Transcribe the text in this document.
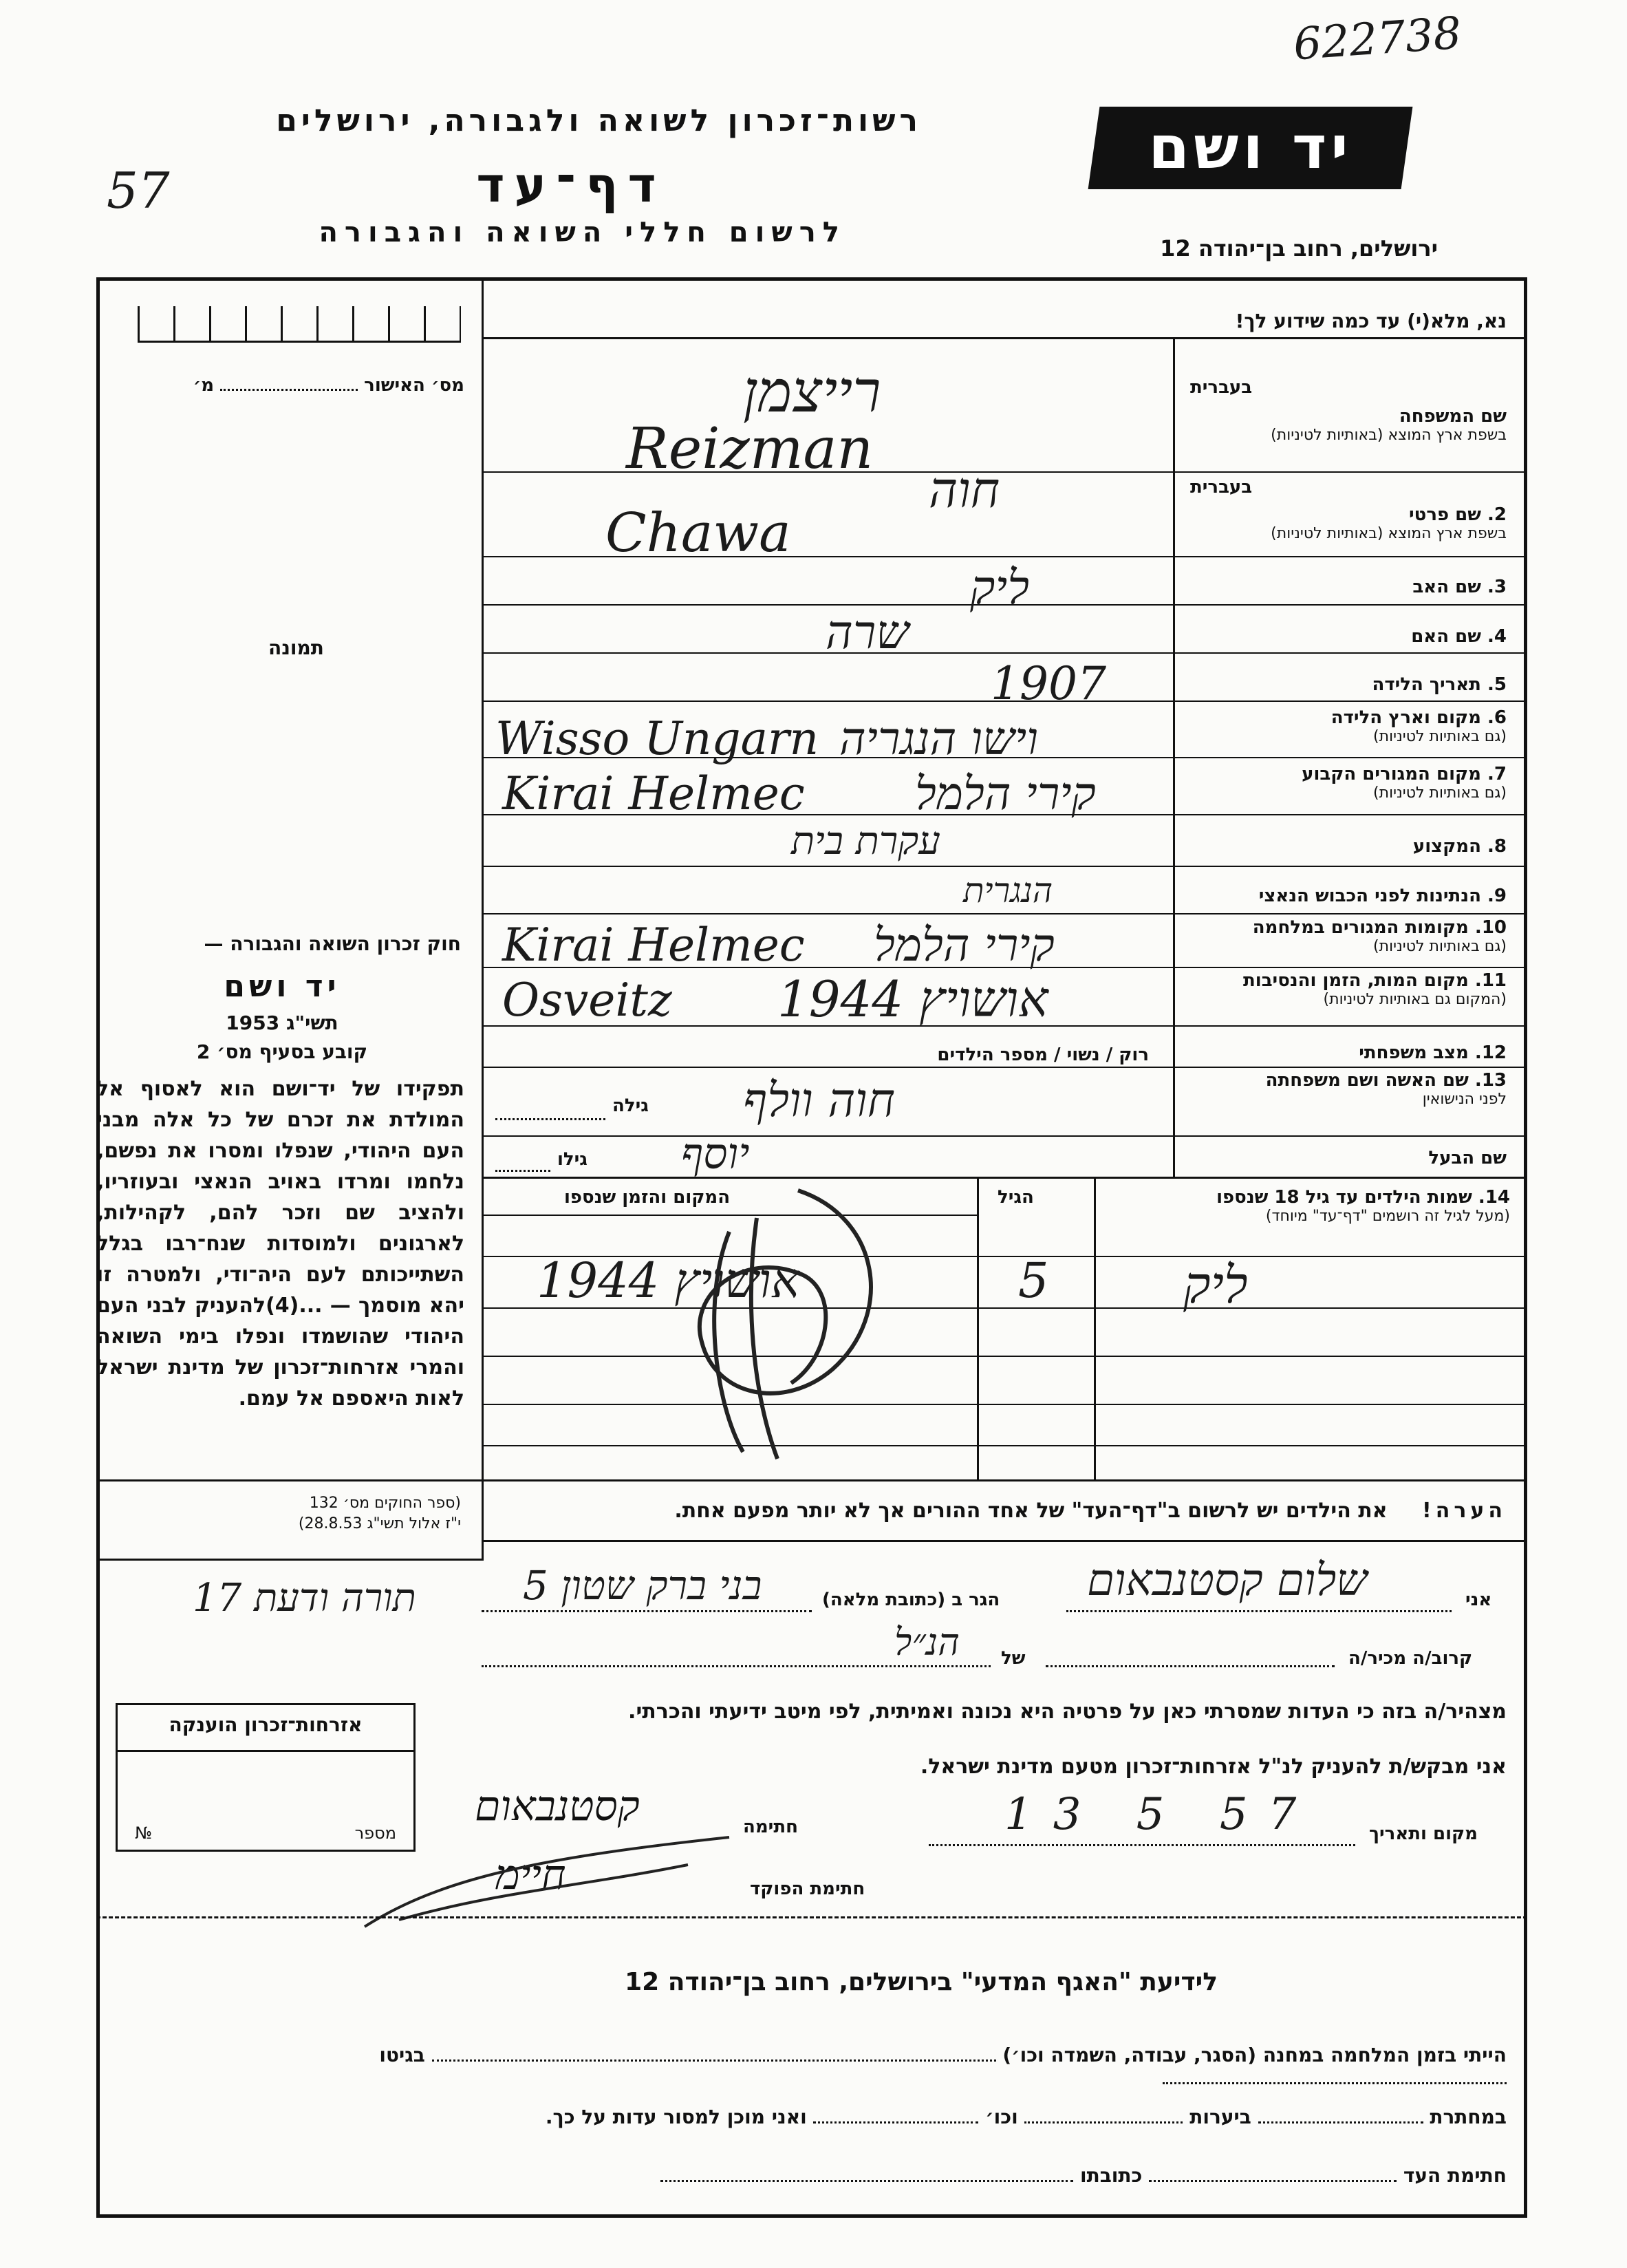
622738
57
רשות־זכרון לשואה ולגבורה, ירושלים
דף־עד
לרשום חללי השואה והגבורה
יד ושם
ירושלים, רחוב בן־יהודה 12
נא, מלא(י) עד כמה שידוע לך!
מס׳ האישור  מ׳
תמונה
בעברית
בעברית
שם המשפחה
בשפת ארץ המוצא (באותיות לטיניות)
2. שם פרטי
בשפת ארץ המוצא (באותיות לטיניות)
3. שם האב
4. שם האם
5. תאריך הלידה
6. מקום וארץ הלידה
(גם באותיות לטיניות)
7. מקום המגורים הקבוע
(גם באותיות לטיניות)
8. המקצוע
9. הנתינות לפני הכבוש הנאצי
10. מקומות המגורים במלחמה
(גם באותיות לטיניות)
11. מקום המות, הזמן והנסיבות
(המקום גם באותיות לטיניות)
12. מצב משפחתי
13. שם האשה ושם משפחתה
לפני הנישואין
שם הבעל
רייצמן
Reizman
חוה
Chawa
ליק
שרה
1907
Wisso Ungarn וישו הנגריה
Kirai Helmec קירי הלמל
עקרת בית
הנגרית
Kirai Helmec קירי הלמל
Osveitz אושויץ 1944
רוק / נשוי / מספר הילדים
חוה וולף
גילה
יוסף
גילו
14. שמות הילדים עד גיל 18 שנספו
(מעל לגיל זה רושמים "דף־עד" מיוחד)
הגיל
המקום והזמן שנספו
ליק
5
אושויץ 1944
חוק זכרון השואה והגבורה —
יד ושם
תשי"ג 1953
קובע בסעיף מס׳ 2
תפקידו של יד־ושם הוא לאסוף אל המולדת את זכרם של כל אלה מבני העם היהודי, שנפלו ומסרו את נפשם, נלחמו ומרדו באויב הנאצי ובעוזריו, ולהציב שם וזכר להם, לקהילות, לארגונים ולמוסדות שנח־רבו בגלל השתייכותם לעם היה־ודי, ולמטרה זו יהא מוסמך — ...(4)להעניק לבני העם היהודי שהושמדו ונפלו בימי השואה והמרי אזרחות־זכרון של מדינת ישראל לאות היאספם אל עמם.
(ספר החוקים מס׳ 132
י"ז אלול תשי"ג 28.8.53)
הערה! את הילדים יש לרשום ב"דף־העד" של אחד ההורים אך לא יותר מפעם אחת.
אני
שלום קסטנבאום
הגר ב (כתובת מלאה)
בני ברק שטון 5
תורה ודעת 17
קרוב/ה מכיר/ה
של
הנ״ל
מצהיר/ה בזה כי העדות שמסרתי כאן על פרטיה היא נכונה ואמיתית, לפי מיטב ידיעתי והכרתי.
אני מבקש/ת להעניק לנ"ל אזרחות־זכרון מטעם מדינת ישראל.
מקום ותאריך
13 5 57
חתימה
קסטנבאום
חתימת הפוקד
חיימ
אזרחות־זכרון הוענקה
מספר
№
לידיעת "האגף המדעי" בירושלים, רחוב בן־יהודה 12
הייתי בזמן המלחמה במחנה (הסגר, עבודה, השמדה וכו׳)  בגיטו
במחתרת  ביערות  וכו׳  ואני מוכן למסור עדות על כך.
חתימת העד  כתובתו
